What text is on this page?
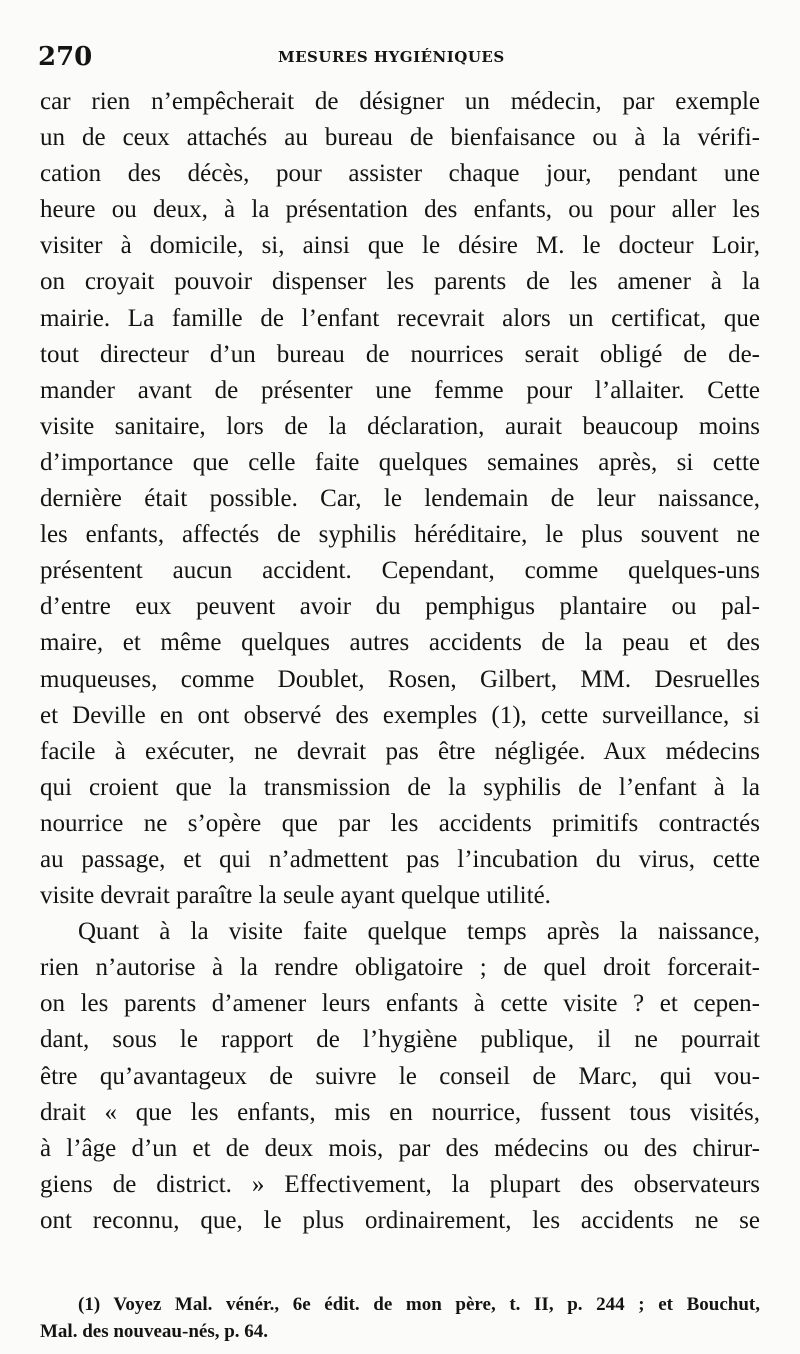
270	MESURES HYGIÉNIQUES
car rien n’empêcherait de désigner un médecin, par exemple
un de ceux attachés au bureau de bienfaisance ou à la vérifi-
cation des décès, pour assister chaque jour, pendant une
heure ou deux, à la présentation des enfants, ou pour aller les
visiter à domicile, si, ainsi que le désire M. le docteur Loir,
on croyait pouvoir dispenser les parents de les amener à la
mairie. La famille de l’enfant recevrait alors un certificat, que
tout directeur d’un bureau de nourrices serait obligé de de-
mander avant de présenter une femme pour l’allaiter. Cette
visite sanitaire, lors de la déclaration, aurait beaucoup moins
d’importance que celle faite quelques semaines après, si cette
dernière était possible. Car, le lendemain de leur naissance,
les enfants, affectés de syphilis héréditaire, le plus souvent ne
présentent aucun accident. Cependant, comme quelques-uns
d’entre eux peuvent avoir du pemphigus plantaire ou pal-
maire, et même quelques autres accidents de la peau et des
muqueuses, comme Doublet, Rosen, Gilbert, MM. Desruelles
et Deville en ont observé des exemples (1), cette surveillance, si
facile à exécuter, ne devrait pas être négligée. Aux médecins
qui croient que la transmission de la syphilis de l’enfant à la
nourrice ne s’opère que par les accidents primitifs contractés
au passage, et qui n’admettent pas l’incubation du virus, cette
visite devrait paraître la seule ayant quelque utilité.
Quant à la visite faite quelque temps après la naissance,
rien n’autorise à la rendre obligatoire ; de quel droit forcerait-
on les parents d’amener leurs enfants à cette visite ? et cepen-
dant, sous le rapport de l’hygiène publique, il ne pourrait
être qu’avantageux de suivre le conseil de Marc, qui vou-
drait « que les enfants, mis en nourrice, fussent tous visités,
à l’âge d’un et de deux mois, par des médecins ou des chirur-
giens de district. » Effectivement, la plupart des observateurs
ont reconnu, que, le plus ordinairement, les accidents ne se
(1) Voyez Mal. vénér., 6e édit. de mon père, t. II, p. 244 ; et Bouchut,
Mal. des nouveau-nés, p. 64.
